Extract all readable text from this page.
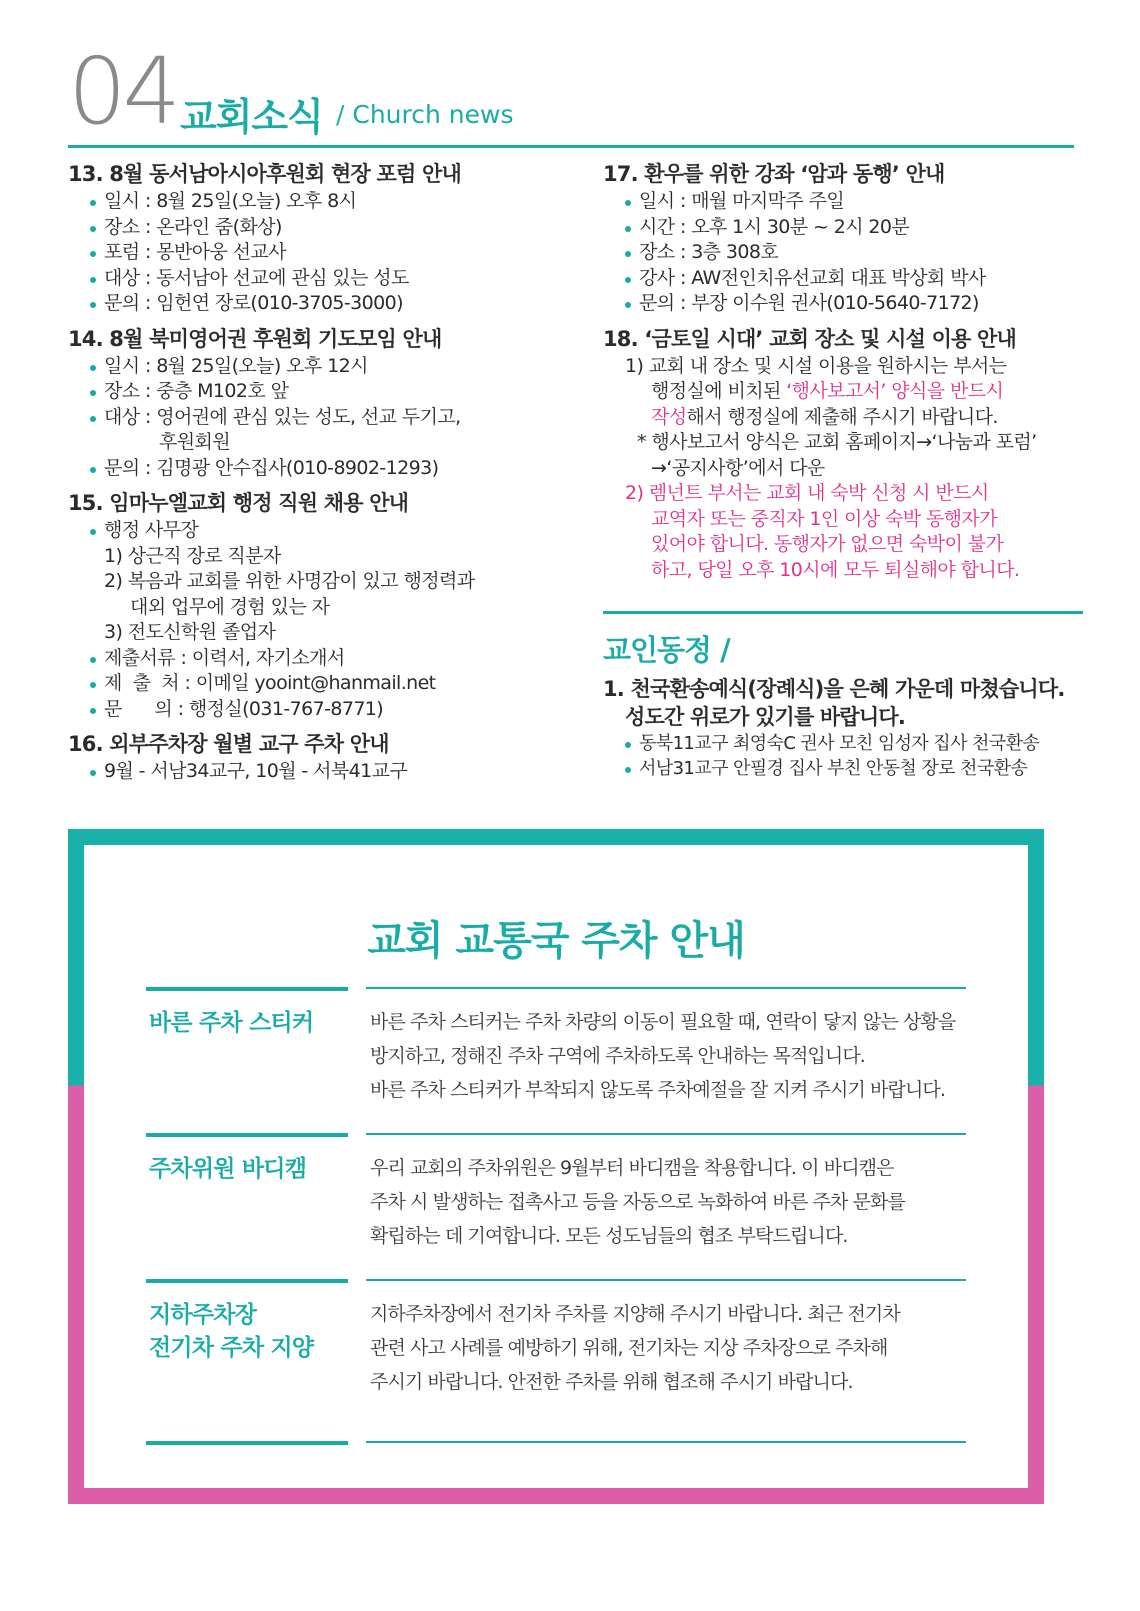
04 교회소식 / Church news
13. 8월 동서남아시아후원회 현장 포럼 안내
일시 : 8월 25일(오늘) 오후 8시
장소 : 온라인 줌(화상)
포럼 : 몽반아웅 선교사
대상 : 동서남아 선교에 관심 있는 성도
문의 : 임헌연 장로(010-3705-3000)
14. 8월 북미영어권 후원회 기도모임 안내
일시 : 8월 25일(오늘) 오후 12시
장소 : 중층 M102호 앞
대상 : 영어권에 관심 있는 성도, 선교 두기고,
후원회원
문의 : 김명광 안수집사(010-8902-1293)
15. 임마누엘교회 행정 직원 채용 안내
행정 사무장
1) 상근직 장로 직분자
2) 복음과 교회를 위한 사명감이 있고 행정력과
대외 업무에 경험 있는 자
3) 전도신학원 졸업자
제출서류 : 이력서, 자기소개서
제  출  처 : 이메일 yooint@hanmail.net
문      의 : 행정실(031-767-8771)
16. 외부주차장 월별 교구 주차 안내
9월 - 서남34교구, 10월 - 서북41교구
17. 환우를 위한 강좌 ‘암과 동행’ 안내
일시 : 매월 마지막주 주일
시간 : 오후 1시 30분 ~ 2시 20분
장소 : 3층 308호
강사 : AW전인치유선교회 대표 박상회 박사
문의 : 부장 이수원 권사(010-5640-7172)
18. ‘금토일 시대’ 교회 장소 및 시설 이용 안내
1) 교회 내 장소 및 시설 이용을 원하시는 부서는
행정실에 비치된 ‘행사보고서’ 양식을 반드시
작성해서 행정실에 제출해 주시기 바랍니다.
* 행사보고서 양식은 교회 홈페이지→‘나눔과 포럼’
→‘공지사항’에서 다운
2) 렘넌트 부서는 교회 내 숙박 신청 시 반드시
교역자 또는 중직자 1인 이상 숙박 동행자가
있어야 합니다. 동행자가 없으면 숙박이 불가
하고, 당일 오후 10시에 모두 퇴실해야 합니다.
교인동정 /
1. 천국환송예식(장례식)을 은혜 가운데 마쳤습니다.
성도간 위로가 있기를 바랍니다.
동북11교구 최영숙C 권사 모친 임성자 집사 천국환송
서남31교구 안필경 집사 부친 안동철 장로 천국환송
교회 교통국 주차 안내
바른 주차 스티커	바른 주차 스티커는 주차 차량의 이동이 필요할 때, 연락이 닿지 않는 상황을
방지하고, 정해진 주차 구역에 주차하도록 안내하는 목적입니다.
바른 주차 스티커가 부착되지 않도록 주차예절을 잘 지켜 주시기 바랍니다.
주차위원 바디캠	우리 교회의 주차위원은 9월부터 바디캠을 착용합니다. 이 바디캠은
주차 시 발생하는 접촉사고 등을 자동으로 녹화하여 바른 주차 문화를
확립하는 데 기여합니다. 모든 성도님들의 협조 부탁드립니다.
지하주차장
전기차 주차 지양
지하주차장에서 전기차 주차를 지양해 주시기 바랍니다. 최근 전기차
관련 사고 사례를 예방하기 위해, 전기차는 지상 주차장으로 주차해
주시기 바랍니다. 안전한 주차를 위해 협조해 주시기 바랍니다.
